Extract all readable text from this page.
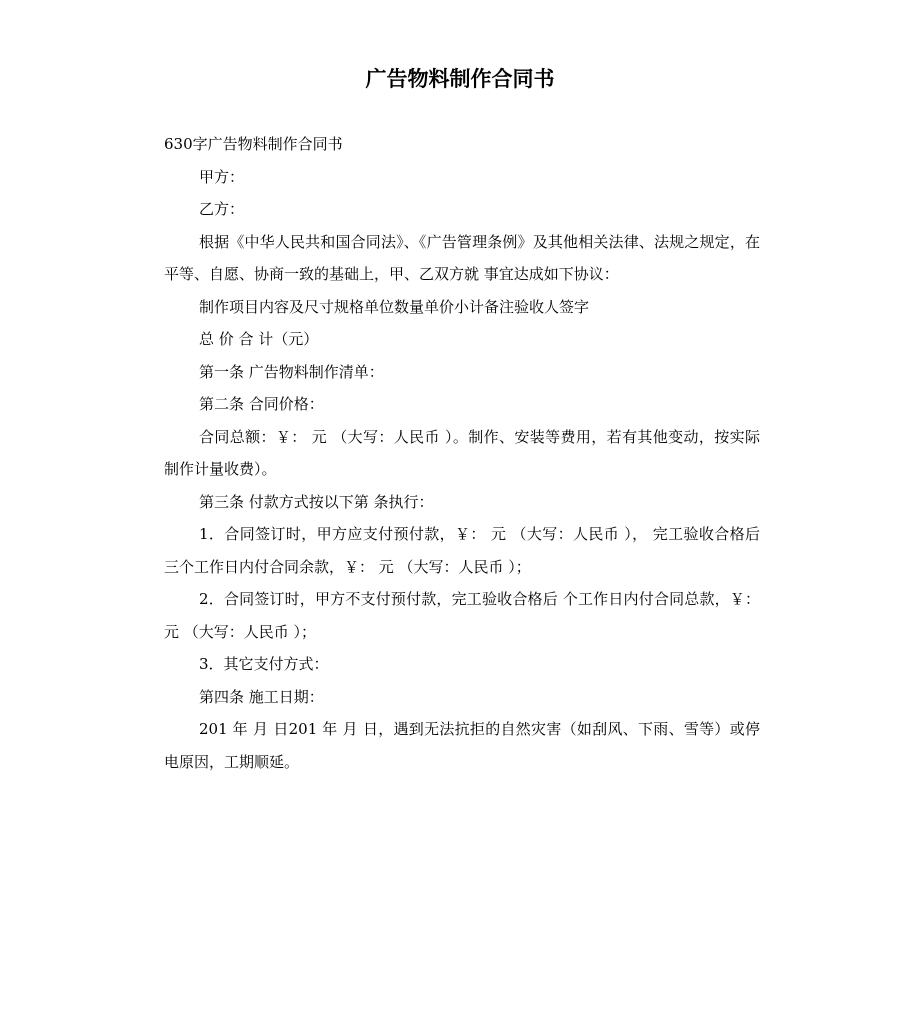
广告物料制作合同书

630字广告物料制作合同书

甲方：

乙方：

根据《中华人民共和国合同法》、《广告管理条例》及其他相关法律、法规之规定，在平等、自愿、协商一致的基础上，甲、乙双方就 事宜达成如下协议：

制作项目内容及尺寸规格单位数量单价小计备注验收人签字

总 价 合 计（元）

第一条 广告物料制作清单：

第二条 合同价格：

合同总额：￥： 元 （大写：人民币 ）。制作、安装等费用，若有其他变动，按实际制作计量收费）。

第三条 付款方式按以下第 条执行：

1．合同签订时，甲方应支付预付款，￥： 元 （大写：人民币 ）， 完工验收合格后三个工作日内付合同余款，￥： 元 （大写：人民币 ）；

2．合同签订时，甲方不支付预付款，完工验收合格后 个工作日内付合同总款，￥： 元 （大写：人民币 ）；

3．其它支付方式：

第四条 施工日期：

201 年 月 日201 年 月 日，遇到无法抗拒的自然灾害（如刮风、下雨、雪等）或停电原因，工期顺延。
